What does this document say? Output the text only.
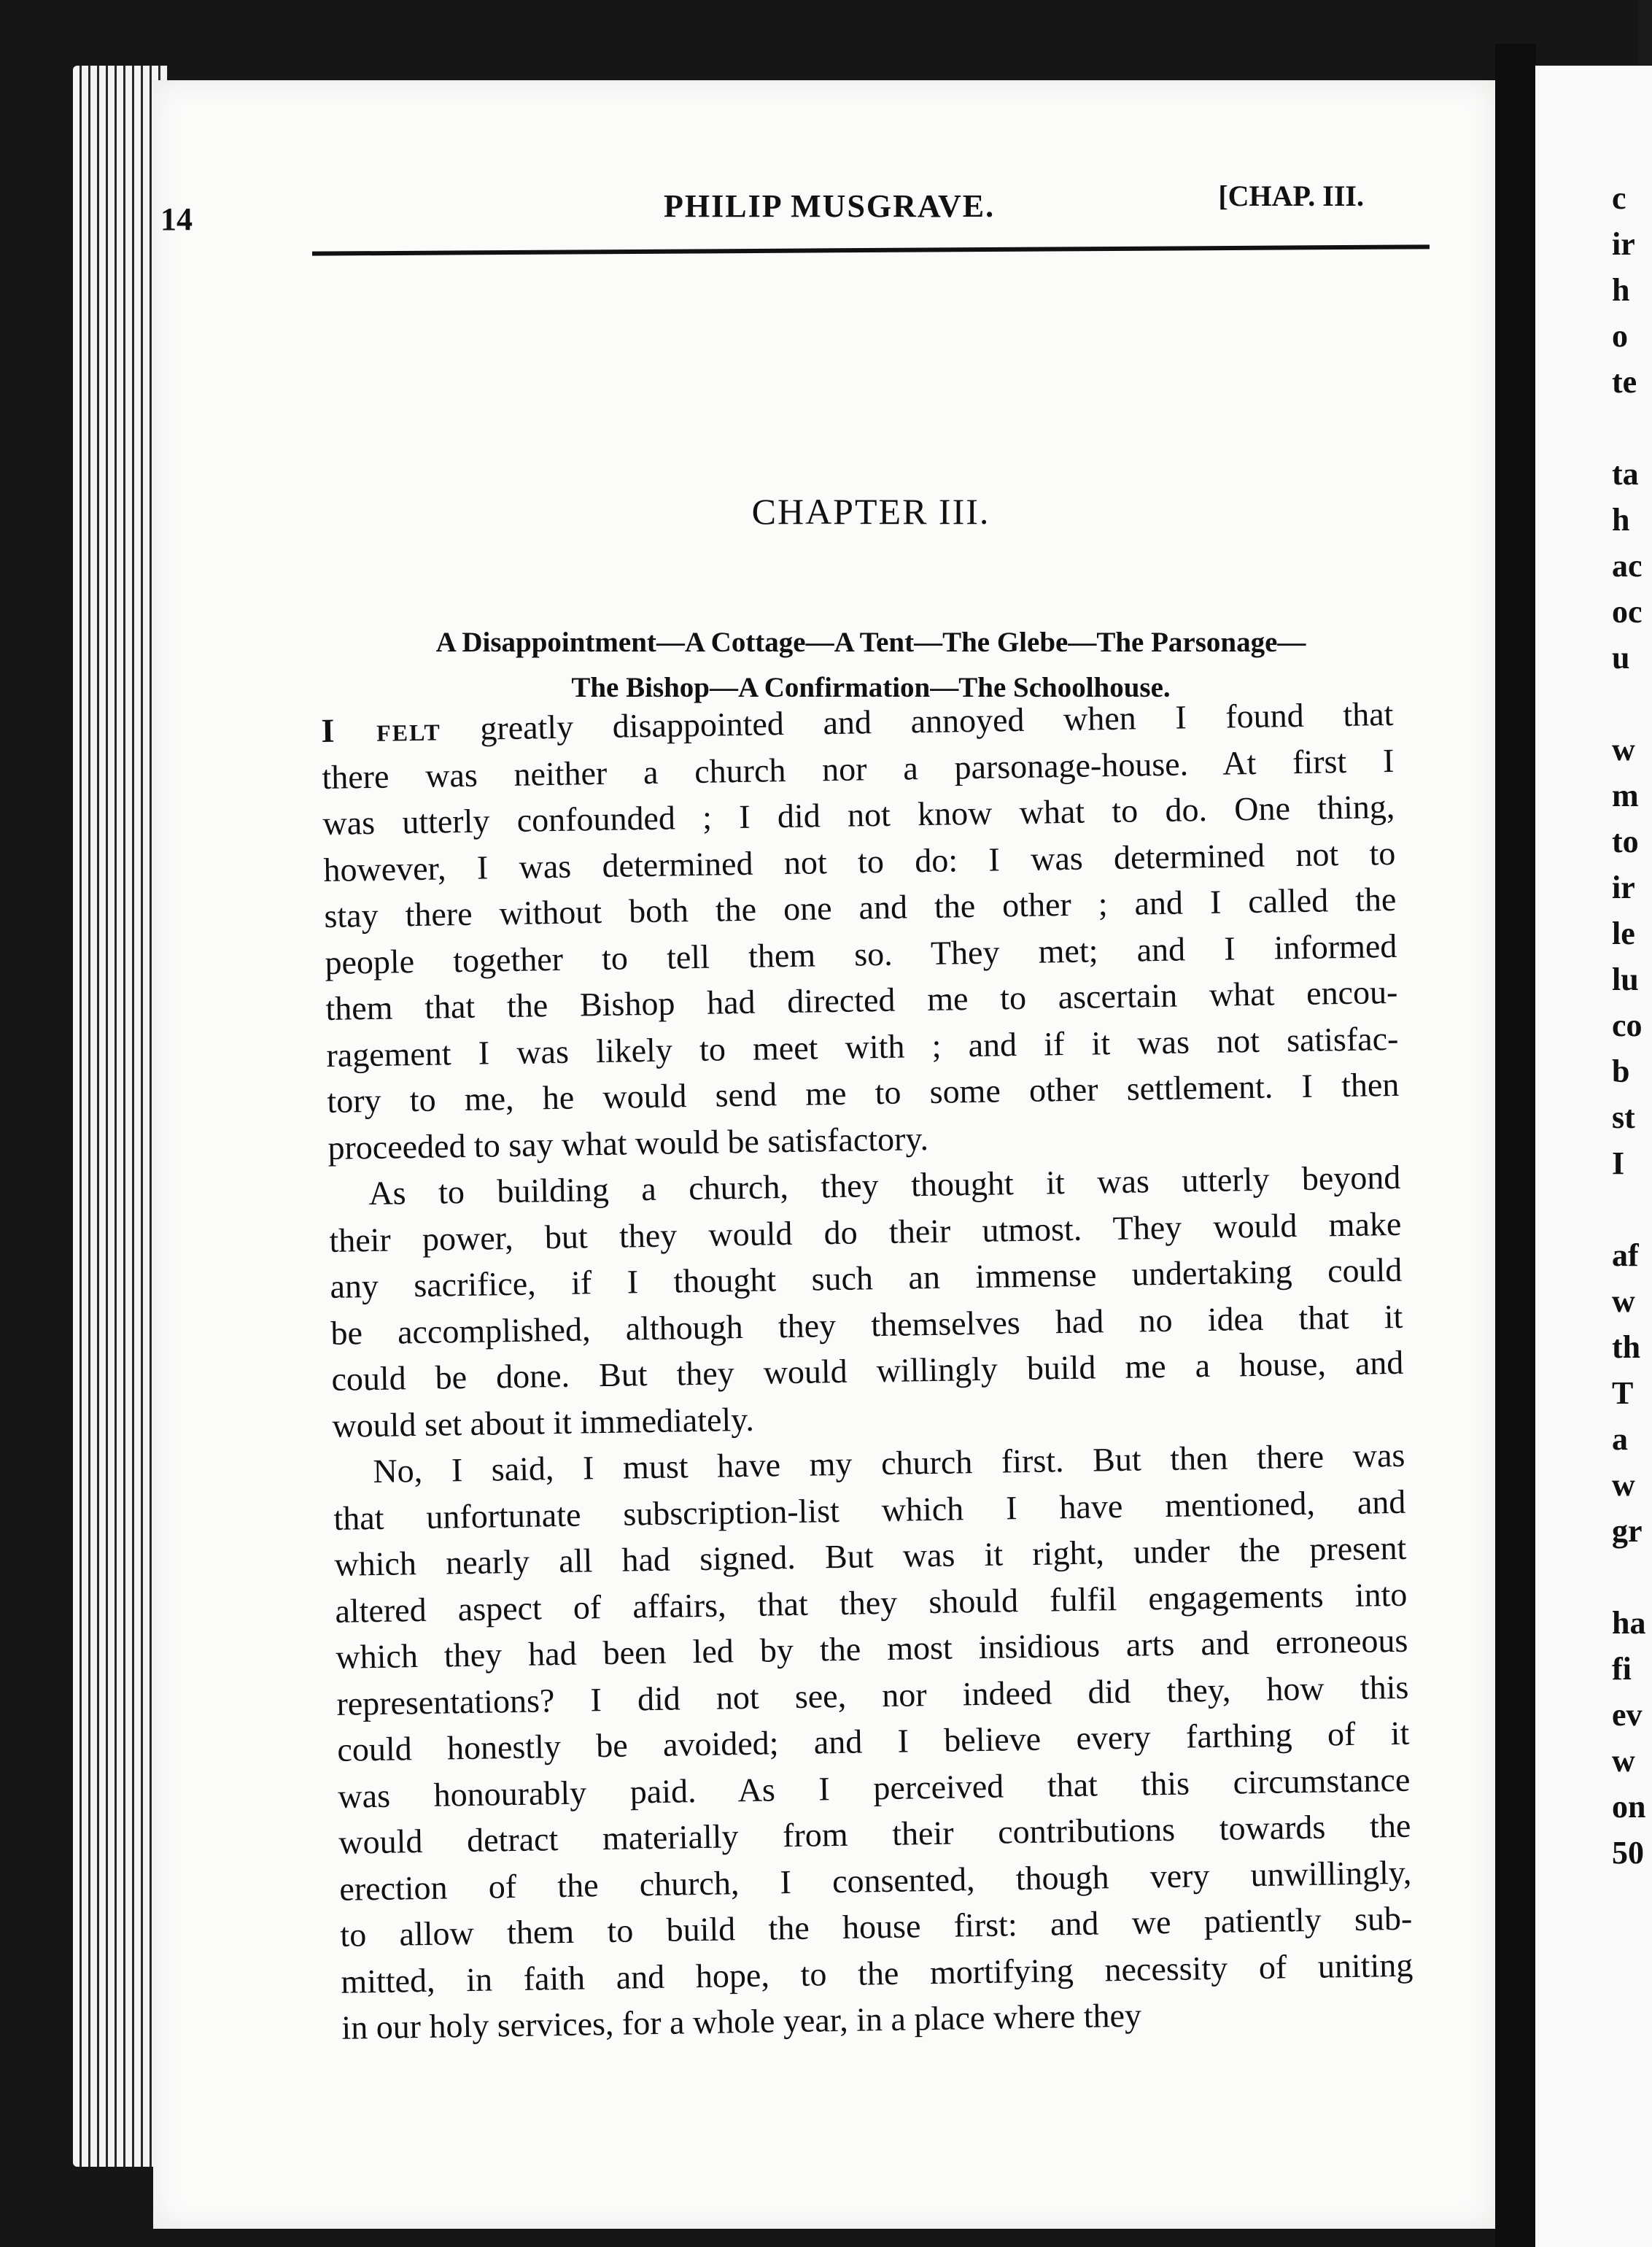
14	PHILIP MUSGRAVE.	[CHAP. III.
CHAPTER III.
A Disappointment—A Cottage—A Tent—The Glebe—The Parsonage—
The Bishop—A Confirmation—The Schoolhouse.
I felt greatly disappointed and annoyed when I found that
there was neither a church nor a parsonage-house. At first I
was utterly confounded ; I did not know what to do. One thing,
however, I was determined not to do: I was determined not to
stay there without both the one and the other ; and I called the
people together to tell them so. They met; and I informed
them that the Bishop had directed me to ascertain what encou-
ragement I was likely to meet with ; and if it was not satisfac-
tory to me, he would send me to some other settlement. I then
proceeded to say what would be satisfactory.
As to building a church, they thought it was utterly beyond
their power, but they would do their utmost. They would make
any sacrifice, if I thought such an immense undertaking could
be accomplished, although they themselves had no idea that it
could be done. But they would willingly build me a house, and
would set about it immediately.
No, I said, I must have my church first. But then there was
that unfortunate subscription-list which I have mentioned, and
which nearly all had signed. But was it right, under the present
altered aspect of affairs, that they should fulfil engagements into
which they had been led by the most insidious arts and erroneous
representations? I did not see, nor indeed did they, how this
could honestly be avoided; and I believe every farthing of it
was honourably paid. As I perceived that this circumstance
would detract materially from their contributions towards the
erection of the church, I consented, though very unwillingly,
to allow them to build the house first: and we patiently sub-
mitted, in faith and hope, to the mortifying necessity of uniting
in our holy services, for a whole year, in a place where they
c
ir
h
o
te
ta
h
ac
oc
u
w
m
to
ir
le
lu
co
b
st
I
af
w
th
T
a
w
gr
ha
fi
ev
w
on
50
